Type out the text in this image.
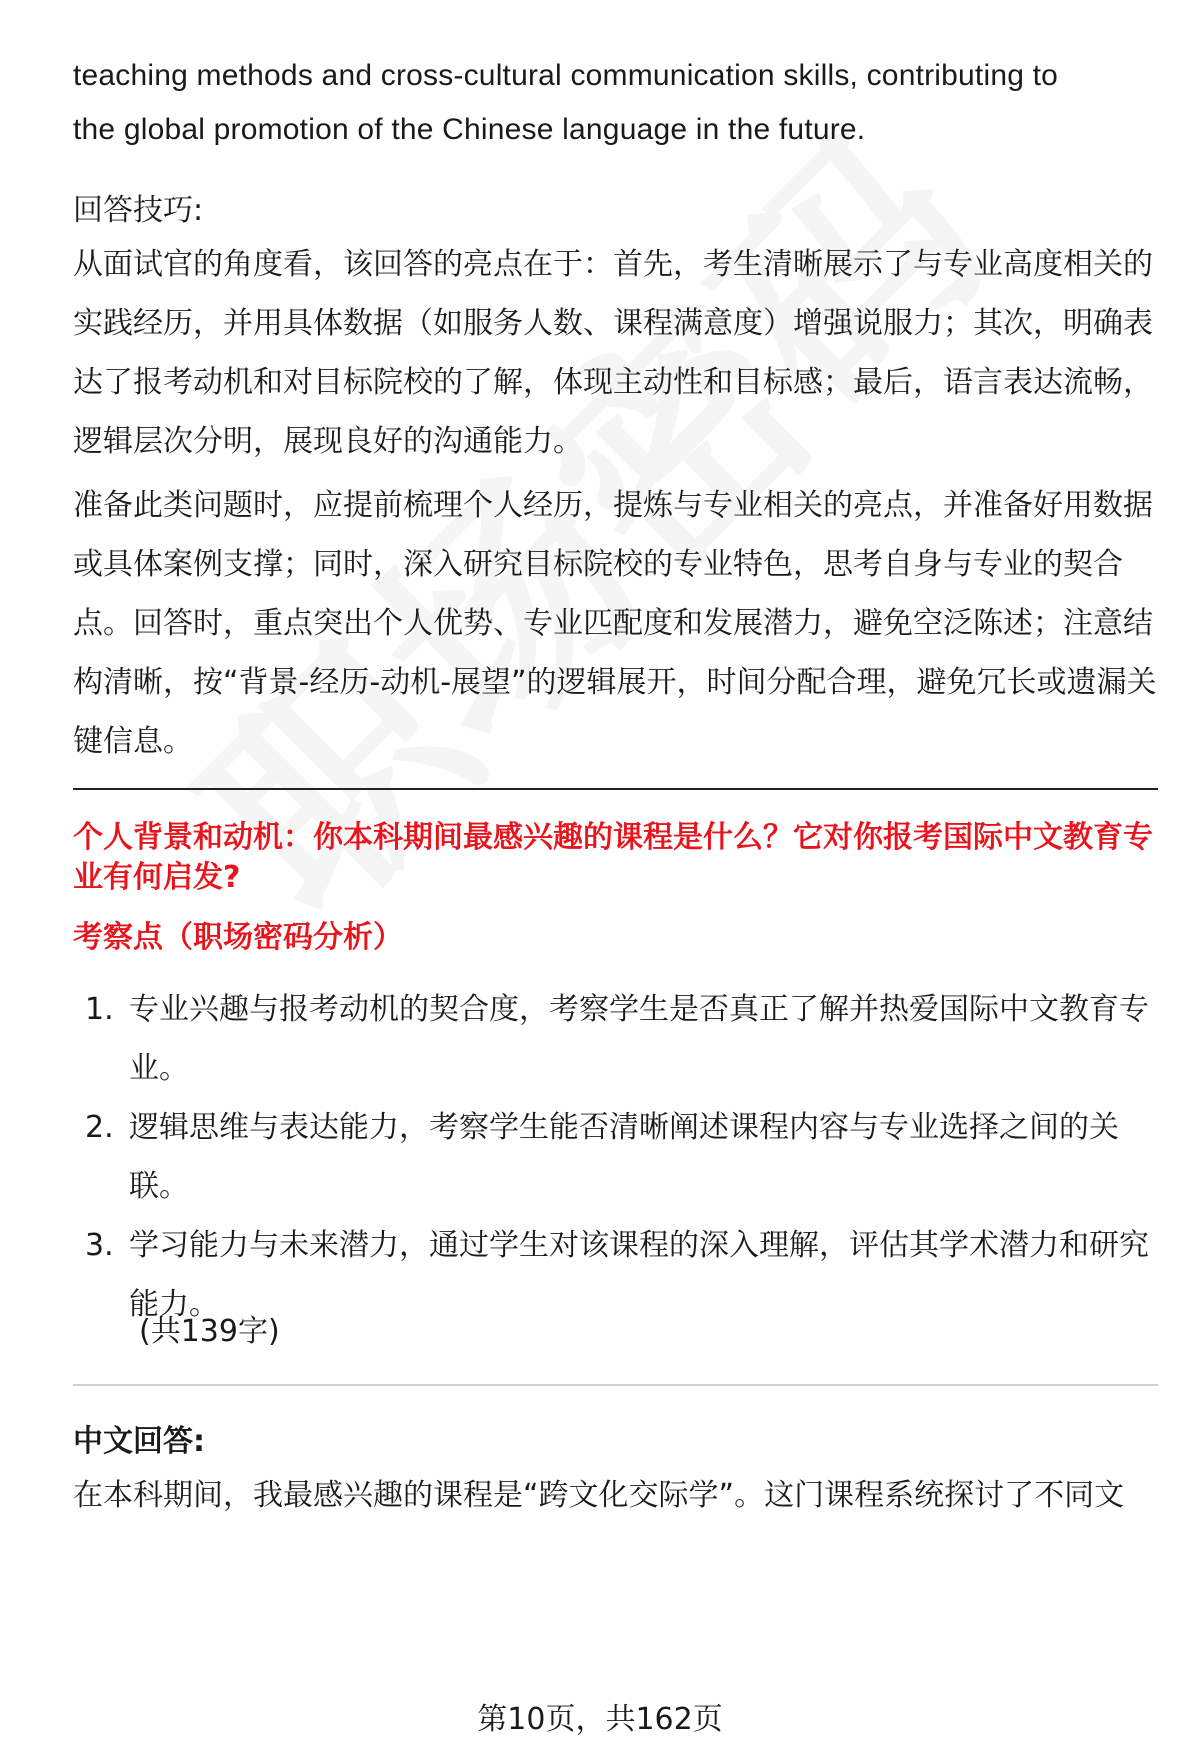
teaching methods and cross-cultural communication skills, contributing to

the global promotion of the Chinese language in the future.

回答技巧:

从面试官的角度看，该回答的亮点在于：首先，考生清晰展示了与专业高度相关的实践经历，并用具体数据（如服务人数、课程满意度）增强说服力；其次，明确表达了报考动机和对目标院校的了解，体现主动性和目标感；最后，语言表达流畅，逻辑层次分明，展现良好的沟通能力。

准备此类问题时，应提前梳理个人经历，提炼与专业相关的亮点，并准备好用数据或具体案例支撑；同时，深入研究目标院校的专业特色，思考自身与专业的契合点。回答时，重点突出个人优势、专业匹配度和发展潜力，避免空泛陈述；注意结构清晰，按“背景-经历-动机-展望”的逻辑展开，时间分配合理，避免冗长或遗漏关键信息。

个人背景和动机：你本科期间最感兴趣的课程是什么？它对你报考国际中文教育专业有何启发?

考察点（职场密码分析）

1. 专业兴趣与报考动机的契合度，考察学生是否真正了解并热爱国际中文教育专业。
2. 逻辑思维与表达能力，考察学生能否清晰阐述课程内容与专业选择之间的关联。
3. 学习能力与未来潜力，通过学生对该课程的深入理解，评估其学术潜力和研究能力。

(共139字)

中文回答:

在本科期间，我最感兴趣的课程是“跨文化交际学”。这门课程系统探讨了不同文

第10页，共162页
